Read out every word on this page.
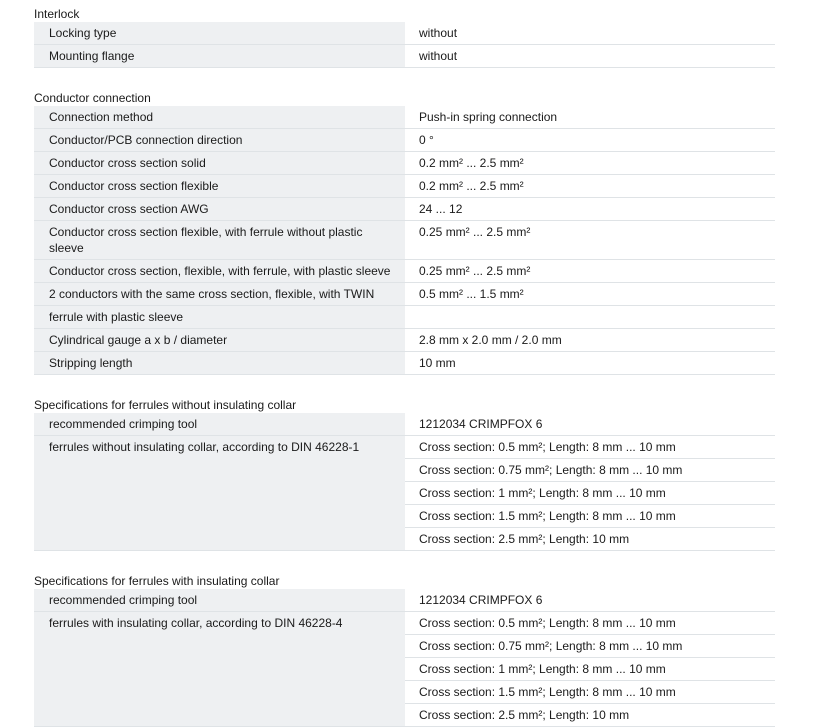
Interlock
Locking type	without
Mounting flange	without
Conductor connection
Connection method	Push-in spring connection
Conductor/PCB connection direction	0 °
Conductor cross section solid	0.2 mm² ... 2.5 mm²
Conductor cross section flexible	0.2 mm² ... 2.5 mm²
Conductor cross section AWG	24 ... 12
Conductor cross section flexible, with ferrule without plastic sleeve	0.25 mm² ... 2.5 mm²
Conductor cross section, flexible, with ferrule, with plastic sleeve	0.25 mm² ... 2.5 mm²
2 conductors with the same cross section, flexible, with TWIN	0.5 mm² ... 1.5 mm²
ferrule with plastic sleeve	
Cylindrical gauge a x b / diameter	2.8 mm x 2.0 mm / 2.0 mm
Stripping length	10 mm
Specifications for ferrules without insulating collar
recommended crimping tool	1212034 CRIMPFOX 6
ferrules without insulating collar, according to DIN 46228-1	Cross section: 0.5 mm²; Length: 8 mm ... 10 mm
	Cross section: 0.75 mm²; Length: 8 mm ... 10 mm
	Cross section: 1 mm²; Length: 8 mm ... 10 mm
	Cross section: 1.5 mm²; Length: 8 mm ... 10 mm
	Cross section: 2.5 mm²; Length: 10 mm
Specifications for ferrules with insulating collar
recommended crimping tool	1212034 CRIMPFOX 6
ferrules with insulating collar, according to DIN 46228-4	Cross section: 0.5 mm²; Length: 8 mm ... 10 mm
	Cross section: 0.75 mm²; Length: 8 mm ... 10 mm
	Cross section: 1 mm²; Length: 8 mm ... 10 mm
	Cross section: 1.5 mm²; Length: 8 mm ... 10 mm
	Cross section: 2.5 mm²; Length: 10 mm
